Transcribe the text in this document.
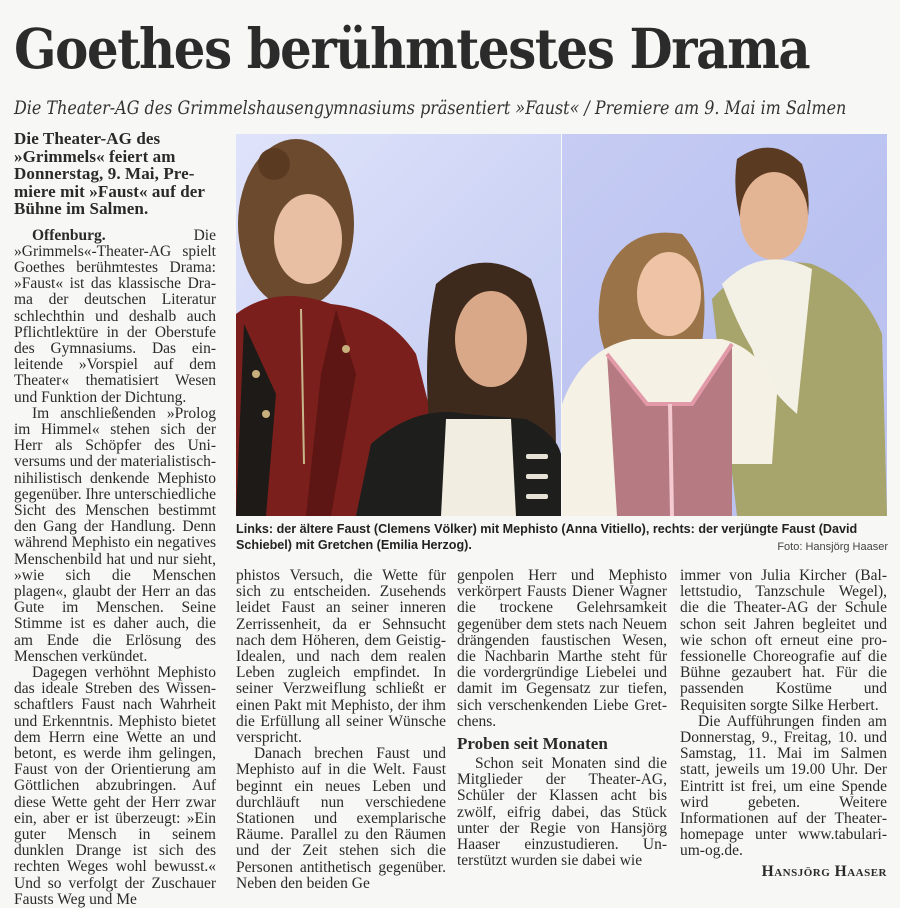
Goethes berühmtestes Drama
Die Theater-AG des Grimmelshausengymnasiums präsentiert »Faust« / Premiere am 9. Mai im Salmen

Die Theater-AG des »Grimmels« feiert am Donnerstag, 9. Mai, Premiere mit »Faust« auf der Bühne im Salmen.

Offenburg.	Die »Grimmels«-Theater-AG spielt Goethes berühmtestes Drama: »Faust« ist das klassische Drama der deutschen Literatur schlechthin und deshalb auch Pflichtlektüre in der Oberstufe des Gymnasiums. Das einleitende »Vorspiel auf dem Theater« thematisiert Wesen und Funktion der Dichtung.

Im anschließenden »Prolog im Himmel« stehen sich der Herr als Schöpfer des Universums und der materialistisch-nihilistisch denkende Mephisto gegenüber. Ihre unterschiedliche Sicht des Menschen bestimmt den Gang der Handlung. Denn während Mephisto ein negatives Menschenbild hat und nur sieht, »wie sich die Menschen plagen«, glaubt der Herr an das Gute im Menschen. Seine Stimme ist es daher auch, die am Ende die Erlösung des Menschen verkündet.

Dagegen verhöhnt Mephisto das ideale Streben des Wissenschaftlers Faust nach Wahrheit und Erkenntnis. Mephisto bietet dem Herrn eine Wette an und betont, es werde ihm gelingen, Faust von der Orientierung am Göttlichen abzubringen. Auf diese Wette geht der Herr zwar ein, aber er ist überzeugt: »Ein guter Mensch in seinem dunklen Drange ist sich des rechten Weges wohl bewusst.« Und so verfolgt der Zuschauer Fausts Weg und Me

Links: der ältere Faust (Clemens Völker) mit Mephisto (Anna Vitiello), rechts: der verjüngte Faust (David Schiebel) mit Gretchen (Emilia Herzog).	Foto: Hansjörg Haaser

phistos Versuch, die Wette für sich zu entscheiden. Zusehends leidet Faust an seiner inneren Zerrissenheit, da er Sehnsucht nach dem Höheren, dem Geistig-Idealen, und nach dem realen Leben zugleich empfindet. In seiner Verzweiflung schließt er einen Pakt mit Mephisto, der ihm die Erfüllung all seiner Wünsche verspricht.

Danach brechen Faust und Mephisto auf in die Welt. Faust beginnt ein neues Leben und durchläuft nun verschiedene Stationen und exemplarische Räume. Parallel zu den Räumen und der Zeit stehen sich die Personen antithetisch gegenüber. Neben den beiden Ge

genpolen Herr und Mephisto verkörpert Fausts Diener Wagner die trockene Gelehrsamkeit gegenüber dem stets nach Neuem drängenden faustischen Wesen, die Nachbarin Marthe steht für die vordergründige Liebelei und damit im Gegensatz zur tiefen, sich verschenkenden Liebe Gretchens.

Proben seit Monaten

Schon seit Monaten sind die Mitglieder der Theater-AG, Schüler der Klassen acht bis zwölf, eifrig dabei, das Stück unter der Regie von Hansjörg Haaser einzustudieren. Unterstützt wurden sie dabei wie

immer von Julia Kircher (Ballettstudio, Tanzschule Wegel), die die Theater-AG der Schule schon seit Jahren begleitet und wie schon oft erneut eine professionelle Choreografie auf die Bühne gezaubert hat. Für die passenden Kostüme und Requisiten sorgte Silke Herbert.

Die Aufführungen finden am Donnerstag, 9., Freitag, 10. und Samstag, 11. Mai im Salmen statt, jeweils um 19.00 Uhr. Der Eintritt ist frei, um eine Spende wird gebeten. Weitere Informationen auf der Theaterhomepage unter www.tabularium-og.de.

Hansjörg Haaser
